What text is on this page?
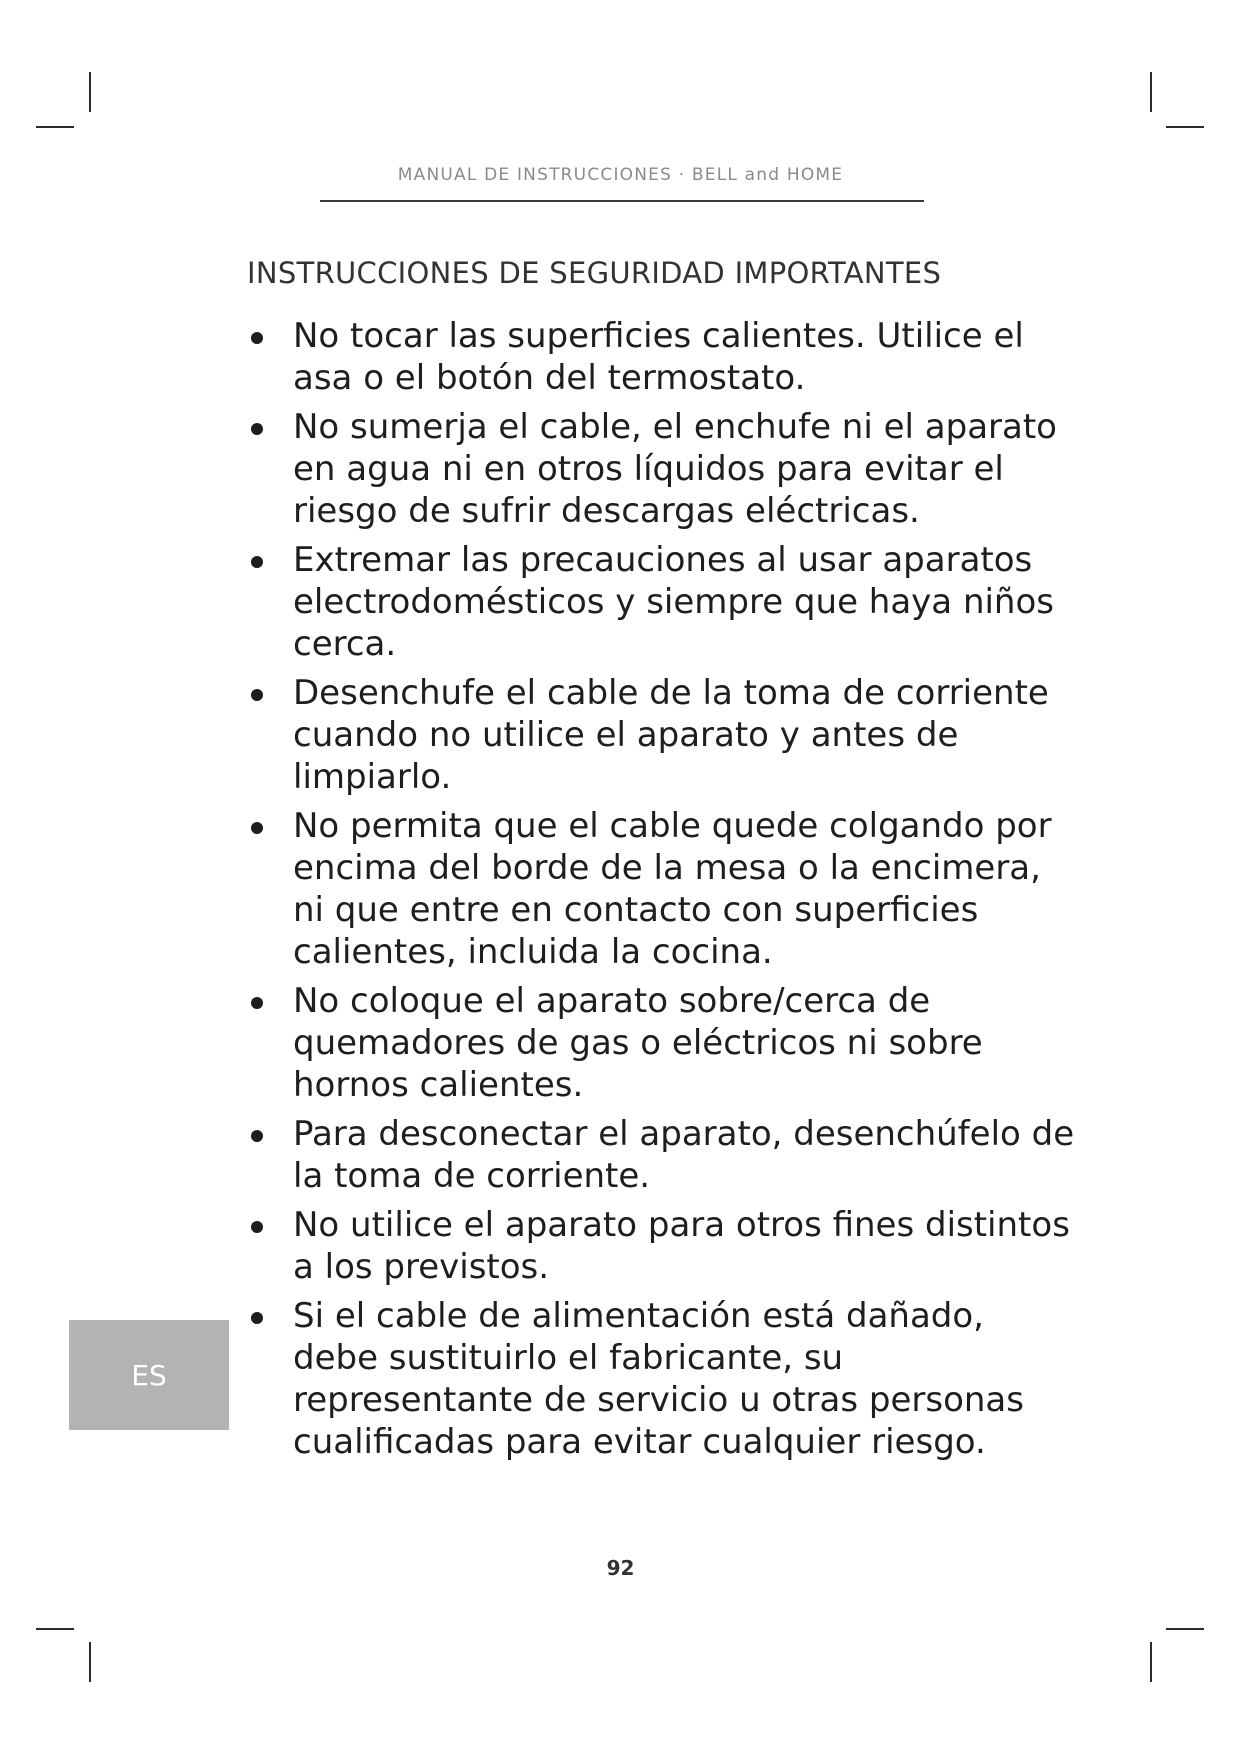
MANUAL DE INSTRUCCIONES · BELL and HOME
INSTRUCCIONES DE SEGURIDAD IMPORTANTES
No tocar las superficies calientes. Utilice el asa o el botón del termostato.
No sumerja el cable, el enchufe ni el aparato en agua ni en otros líquidos para evitar el riesgo de sufrir descargas eléctricas.
Extremar las precauciones al usar aparatos electrodomésticos y siempre que haya niños cerca.
Desenchufe el cable de la toma de corriente cuando no utilice el aparato y antes de limpiarlo.
No permita que el cable quede colgando por encima del borde de la mesa o la encimera, ni que entre en contacto con superficies calientes, incluida la cocina.
No coloque el aparato sobre/cerca de quemadores de gas o eléctricos ni sobre hornos calientes.
Para desconectar el aparato, desenchúfelo de la toma de corriente.
No utilice el aparato para otros fines distintos a los previstos.
Si el cable de alimentación está dañado, debe sustituirlo el fabricante, su representante de servicio u otras personas cualificadas para evitar cualquier riesgo.
ES
92
